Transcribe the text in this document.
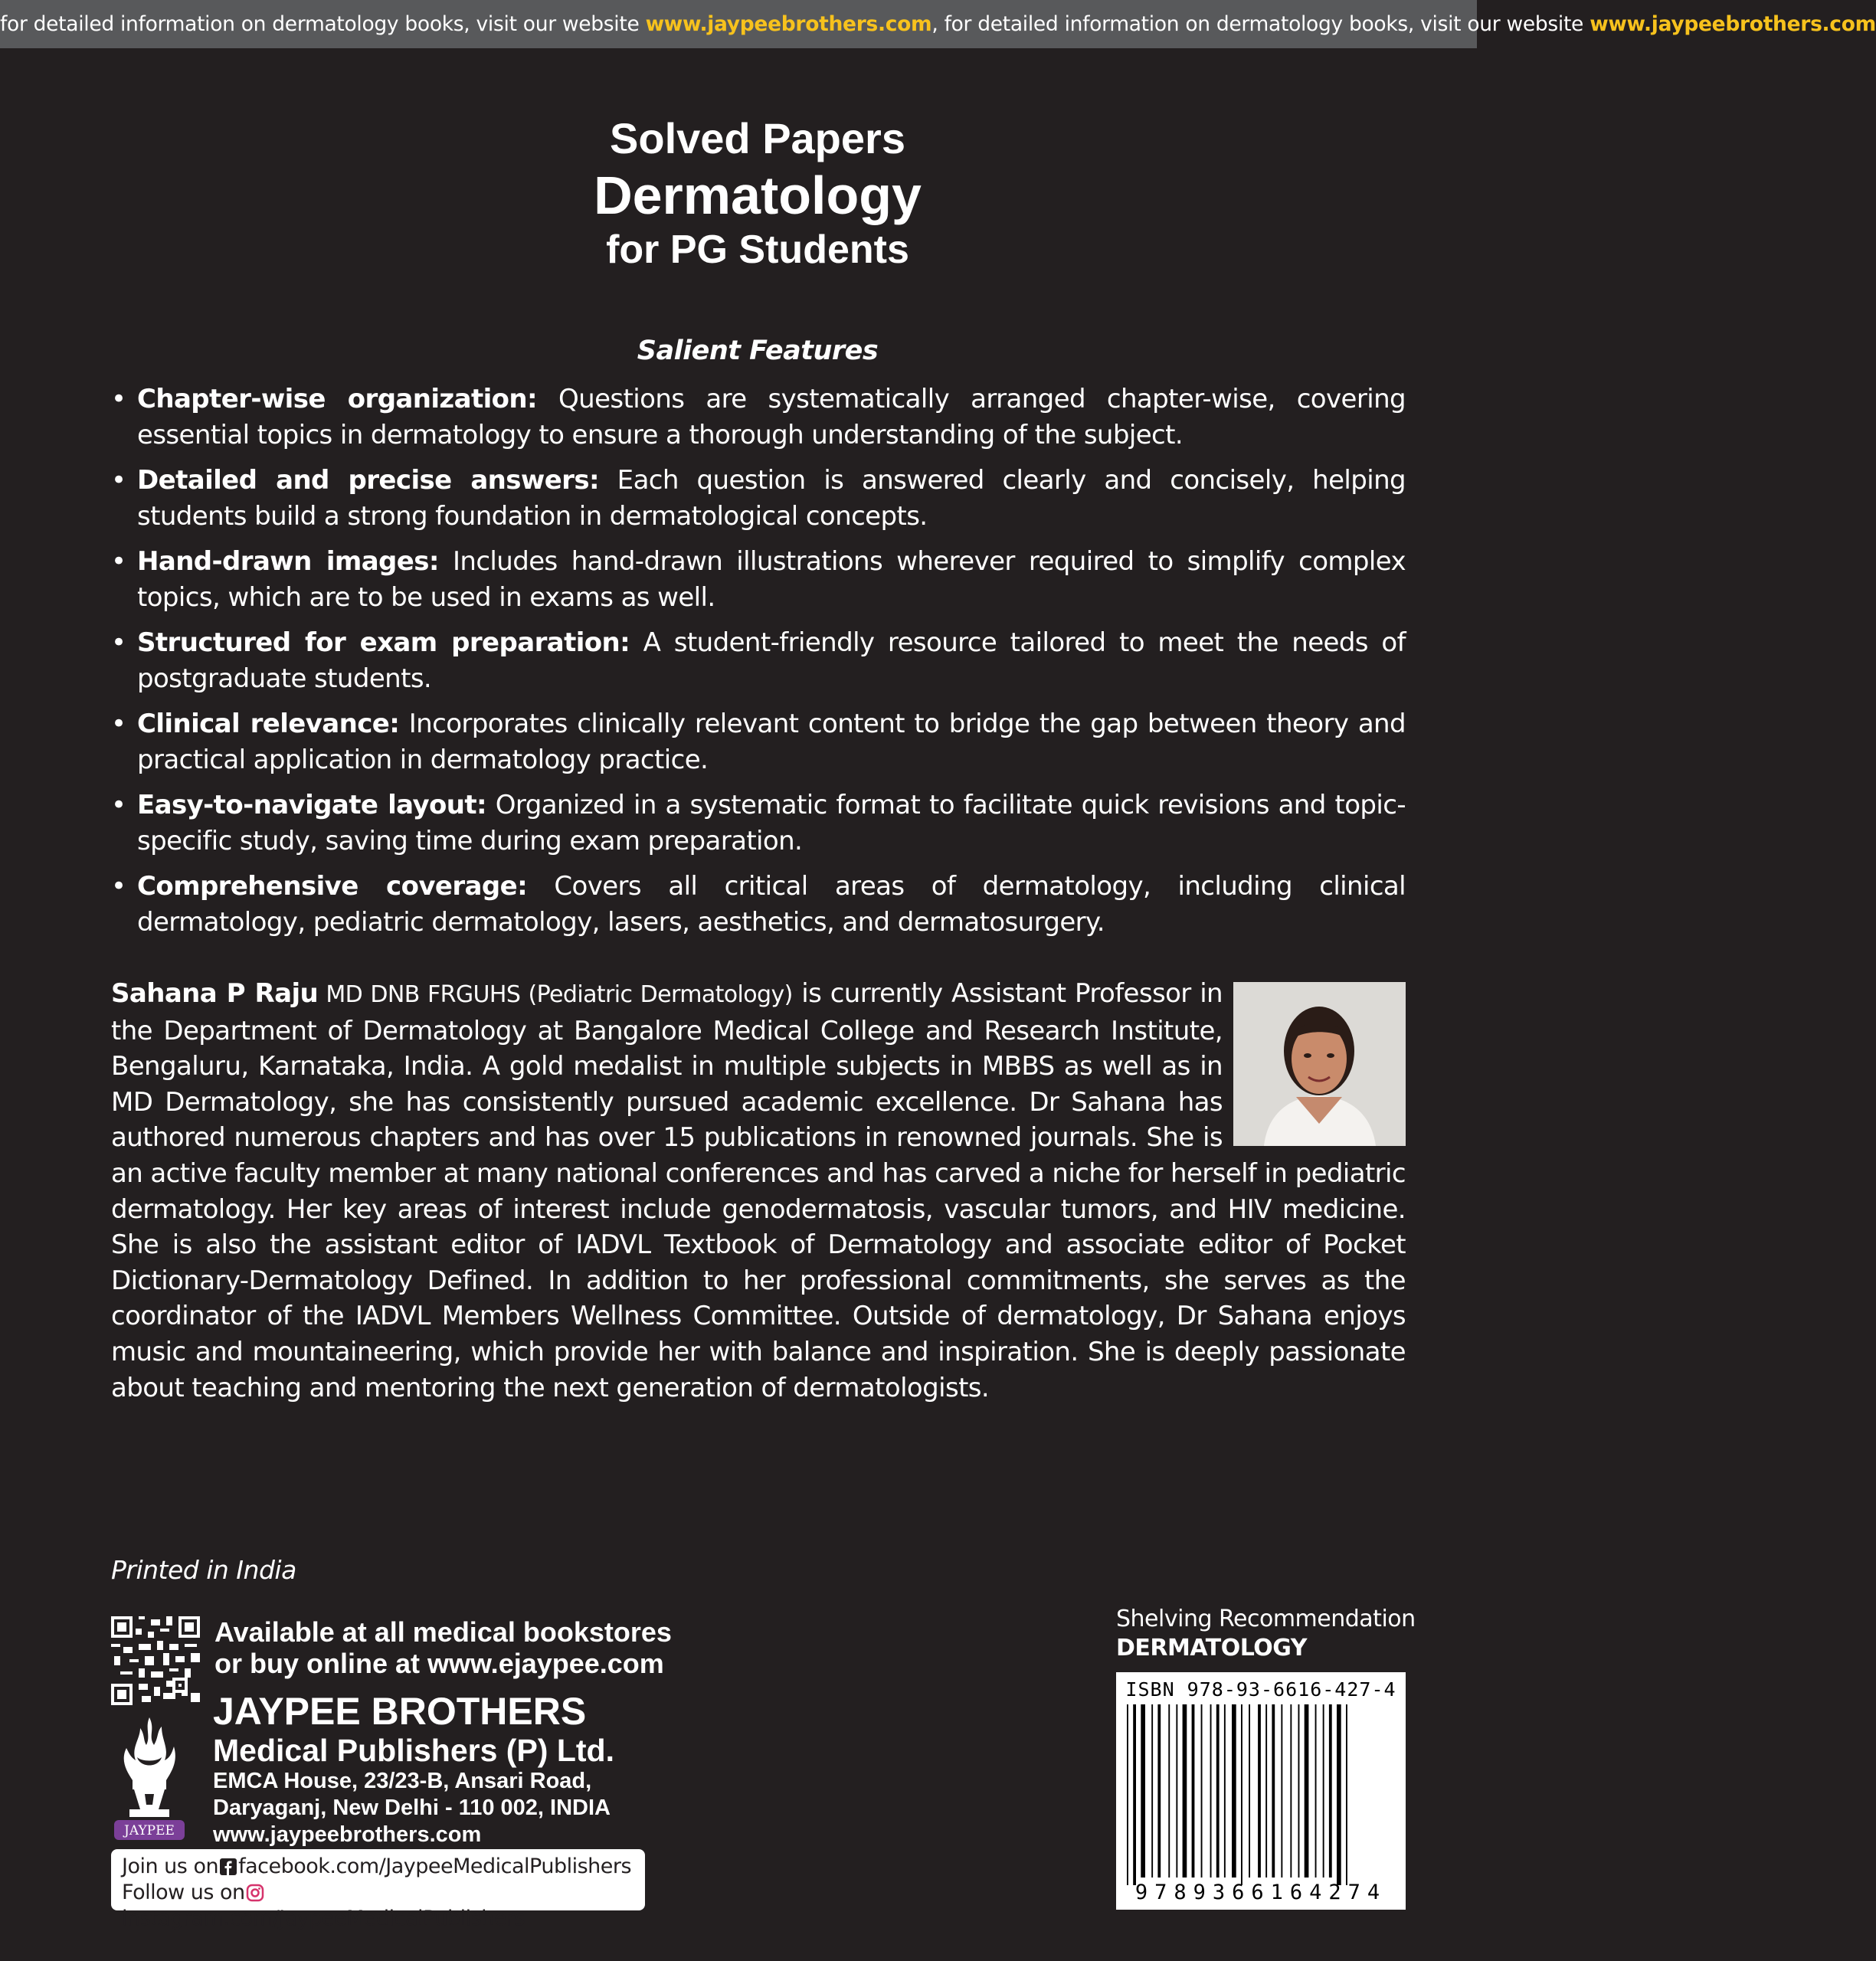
for detailed information on dermatology books, visit our website www.jaypeebrothers.com, for detailed information on dermatology books, visit our website www.jaypeebrothers.com
Solved Papers
Dermatology
for PG Students
Salient Features
• Chapter-wise organization: Questions are systematically arranged chapter-wise, covering essential topics in dermatology to ensure a thorough understanding of the subject.
• Detailed and precise answers: Each question is answered clearly and concisely, helping students build a strong foundation in dermatological concepts.
• Hand-drawn images: Includes hand-drawn illustrations wherever required to simplify complex topics, which are to be used in exams as well.
• Structured for exam preparation: A student-friendly resource tailored to meet the needs of postgraduate students.
• Clinical relevance: Incorporates clinically relevant content to bridge the gap between theory and practical application in dermatology practice.
• Easy-to-navigate layout: Organized in a systematic format to facilitate quick revisions and topic-specific study, saving time during exam preparation.
• Comprehensive coverage: Covers all critical areas of dermatology, including clinical dermatology, pediatric dermatology, lasers, aesthetics, and dermatosurgery.
Sahana P Raju MD DNB FRGUHS (Pediatric Dermatology) is currently Assistant Professor in the Department of Dermatology at Bangalore Medical College and Research Institute, Bengaluru, Karnataka, India. A gold medalist in multiple subjects in MBBS as well as in MD Dermatology, she has consistently pursued academic excellence. Dr Sahana has authored numerous chapters and has over 15 publications in renowned journals. She is an active faculty member at many national conferences and has carved a niche for herself in pediatric dermatology. Her key areas of interest include genodermatosis, vascular tumors, and HIV medicine. She is also the assistant editor of IADVL Textbook of Dermatology and associate editor of Pocket Dictionary-Dermatology Defined. In addition to her professional commitments, she serves as the coordinator of the IADVL Members Wellness Committee. Outside of dermatology, Dr Sahana enjoys music and mountaineering, which provide her with balance and inspiration. She is deeply passionate about teaching and mentoring the next generation of dermatologists.
Printed in India
Available at all medical bookstores
or buy online at www.ejaypee.com
JAYPEE
JAYPEE BROTHERS
Medical Publishers (P) Ltd.
EMCA House, 23/23-B, Ansari Road,
Daryaganj, New Delhi - 110 002, INDIA
www.jaypeebrothers.com
Join us on facebook.com/JaypeeMedicalPublishers
Follow us oninstagram.com/JaypeeMedicalPublishers
Shelving Recommendation
DERMATOLOGY
ISBN 978-93-6616-427-4
9789366164274
